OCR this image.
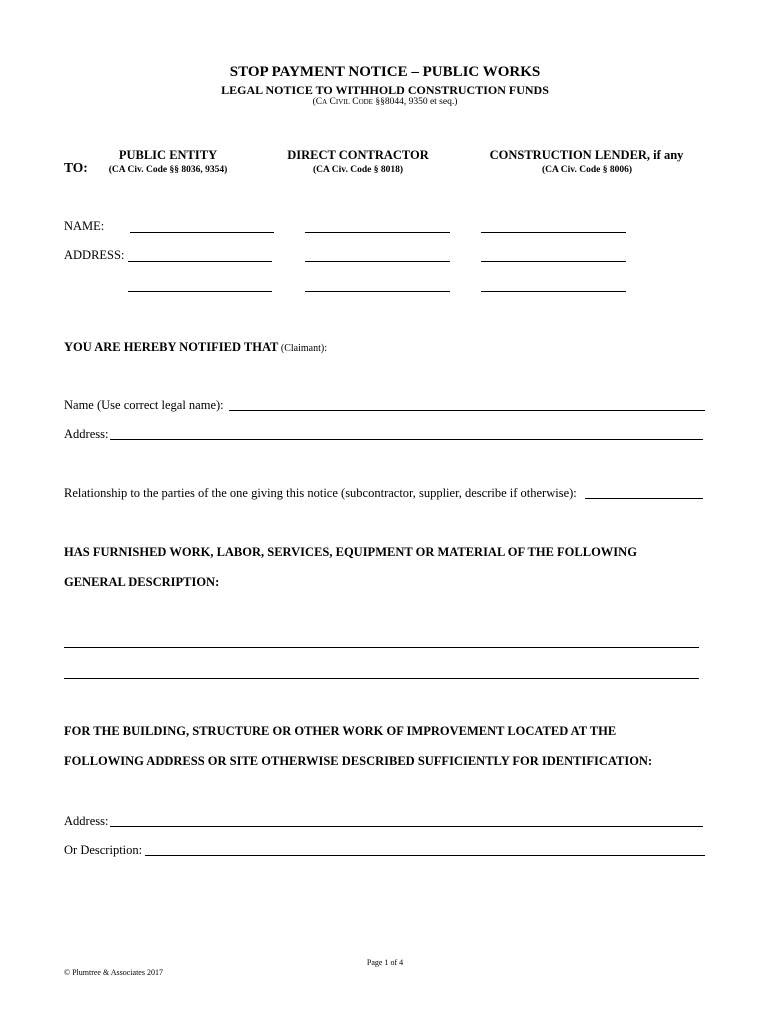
STOP PAYMENT NOTICE – PUBLIC WORKS
LEGAL NOTICE TO WITHHOLD CONSTRUCTION FUNDS
(Ca Civil Code §§8044, 9350 et seq.)
TO:
PUBLIC ENTITY
(CA Civ. Code §§ 8036, 9354)
DIRECT CONTRACTOR
(CA Civ. Code § 8018)
CONSTRUCTION LENDER, if any
(CA Civ. Code § 8006)
NAME:
ADDRESS:
YOU ARE HEREBY NOTIFIED THAT (Claimant):
Name (Use correct legal name):
Address:
Relationship to the parties of the one giving this notice (subcontractor, supplier, describe if otherwise):
HAS FURNISHED WORK, LABOR, SERVICES, EQUIPMENT OR MATERIAL OF THE FOLLOWING
GENERAL DESCRIPTION:
FOR THE BUILDING, STRUCTURE OR OTHER WORK OF IMPROVEMENT LOCATED AT THE
FOLLOWING ADDRESS OR SITE OTHERWISE DESCRIBED SUFFICIENTLY FOR IDENTIFICATION:
Address:
Or Description:
Page 1 of 4
© Plumtree & Associates 2017
